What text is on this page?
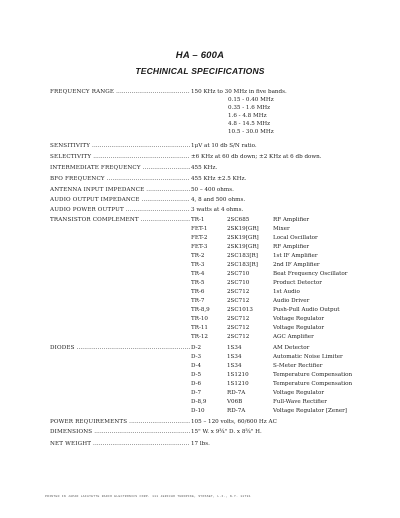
HA – 600A
TECHINICAL SPECIFICATIONS
FREQUENCY RANGE .....	150 KHz to 30 MHz in five bands.
0.15 - 0.40 MHz
0.35 - 1.6 MHz
1.6 - 4.8 MHz
4.8 - 14.5 MHz
10.5 - 30.0 MHz
SENSITIVITY .....	1μV at 10 db S/N ratio.
SELECTIVITY .....	±6 KHz at 60 db down; ±2 KHz at 6 db down.
INTERMEDIATE FREQUENCY .....	455 KHz.
BFO FREQUENCY .....	455 KHz ±2.5 KHz.
ANTENNA INPUT IMPEDANCE .....	50 – 400 ohms.
AUDIO OUTPUT IMPEDANCE .....	4, 8 and 500 ohms.
AUDIO POWER OUTPUT .....	3 watts at 4 ohms.
TRANSISTOR COMPLEMENT .....	TR-1	2SC685	RF Amplifier
FET-1	2SK19[GR]	Mixer
FET-2	2SK19[GR]	Local Oscillator
FET-3	2SK19[GR]	RF Amplifier
TR-2	2SC183[R]	1st IF Amplifier
TR-3	2SC183[R]	2nd IF Amplifier
TR-4	2SC710	Beat Frequency Oscillator
TR-5	2SC710	Product Detector
TR-6	2SC712	1st Audio
TR-7	2SC712	Audio Driver
TR-8,9	2SC1013	Push-Pull Audio Output
TR-10	2SC712	Voltage Regulator
TR-11	2SC712	Voltage Regulator
TR-12	2SC712	AGC Amplifier
DIODES .....	D-2	1S34	AM Detector
D-3	1S34	Automatic Noise Limiter
D-4	1S34	S-Meter Rectifier
D-5	1S1210	Temperature Compensation
D-6	1S1210	Temperature Compensation
D-7	RD-7A	Voltage Regulator
D-8,9	V06B	Full-Wave Rectifier
D-10	RD-7A	Voltage Regulator [Zener]
POWER REQUIREMENTS .....	105 – 120 volts, 60/600 Hz AC
DIMENSIONS .....	15" W. x 9¾" D. x 8¾" H.
NET WEIGHT .....	17 lbs.
PRINTED IN JAPAN LAFAYETTE RADIO ELECTRONICS CORP. 111 JERICHO TURNPIKE, SYOSSET, L.I., N.Y. 11791
